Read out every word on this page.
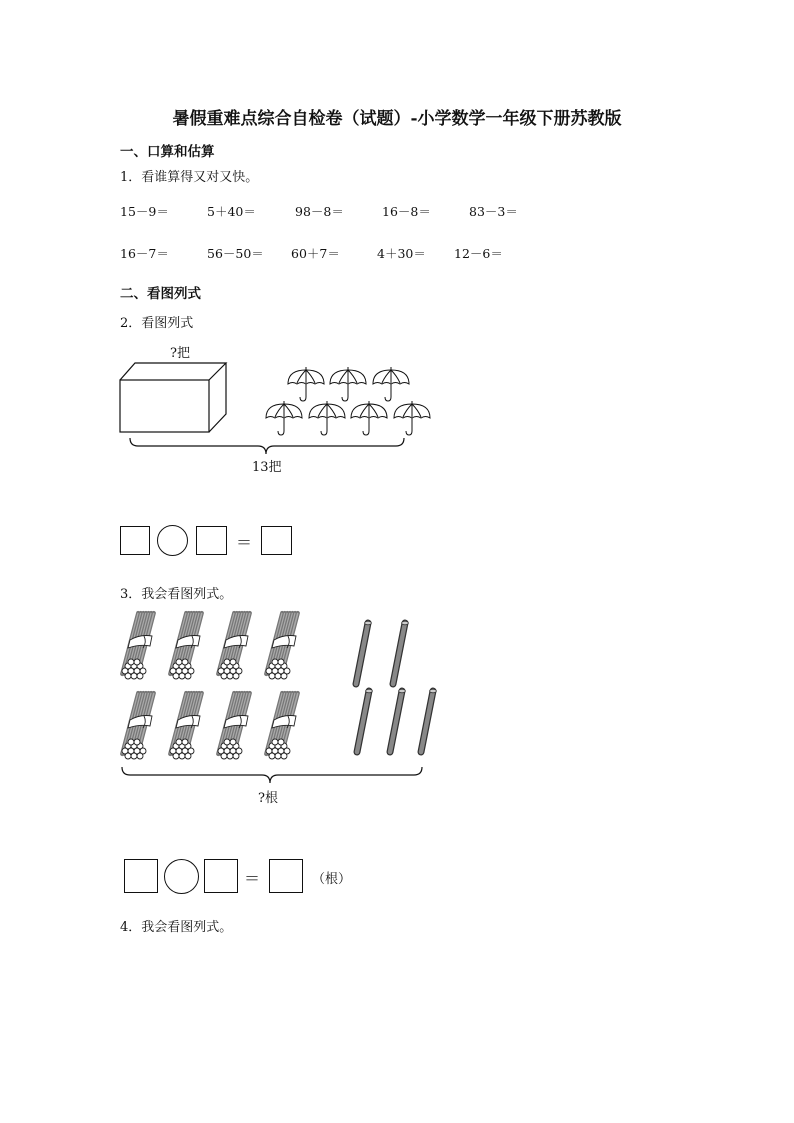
暑假重难点综合自检卷（试题）-小学数学一年级下册苏教版
一、口算和估算
1．看谁算得又对又快。
15－9＝	5＋40＝	98－8＝	16－8＝	83－3＝
16－7＝	56－50＝ 60＋7＝	4＋30＝ 12－6＝
二、看图列式
2．看图列式
?把
13把
＝
3．我会看图列式。
?根
＝	（根）
4．我会看图列式。
